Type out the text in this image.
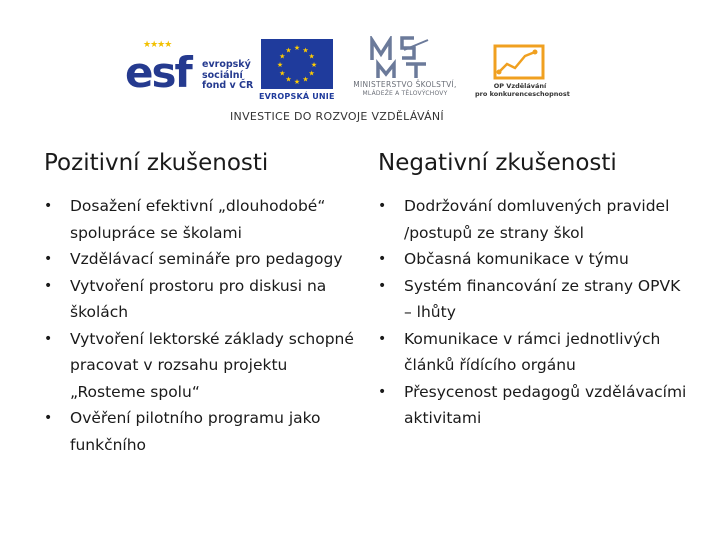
★★★★
esf evropský
sociální
fond v ČR
★ ★
★
★
★
★
★
★
★
★
★
★
EVROPSKÁ UNIE
MINISTERSTVO ŠKOLSTVÍ,
MLÁDEŽE A TĚLOVÝCHOVY
OP Vzdělávání
pro konkurenceschopnost
INVESTICE DO ROZVOJE VZDĚLÁVÁNÍ
Pozitivní zkušenosti
• Dosažení efektivní „dlouhodobé“ spolupráce se školami
• Vzdělávací semináře pro pedagogy
• Vytvoření prostoru pro diskusi na školách
• Vytvoření lektorské základy schopné pracovat v rozsahu projektu „Rosteme spolu“
• Ověření pilotního programu jako funkčního
Negativní zkušenosti
• Dodržování domluvených pravidel /postupů ze strany škol
• Občasná komunikace v týmu
• Systém financování ze strany OPVK – lhůty
• Komunikace v rámci jednotlivých článků řídícího orgánu
• Přesycenost pedagogů vzdělávacími aktivitami
